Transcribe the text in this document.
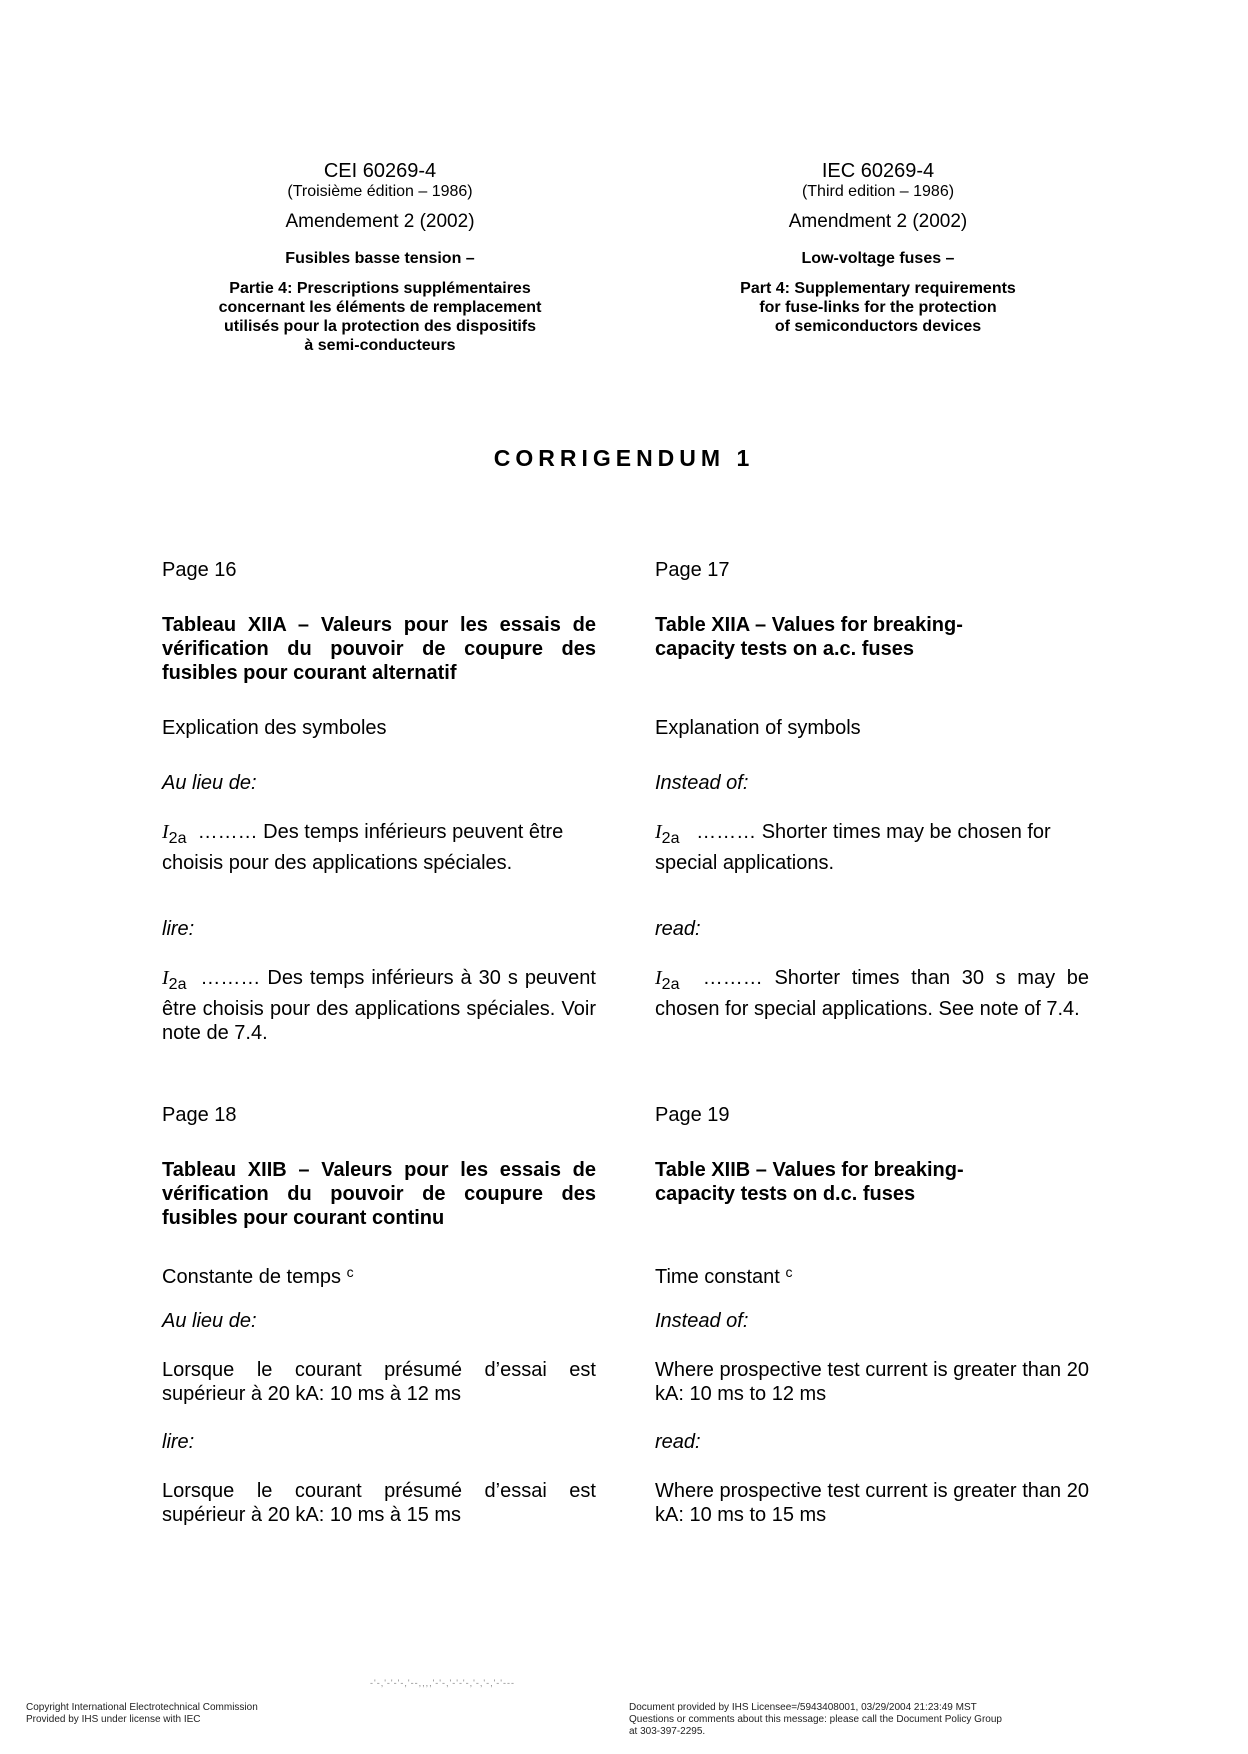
CEI 60269-4
(Troisième édition – 1986)
Amendement 2 (2002)
Fusibles basse tension –
Partie 4: Prescriptions supplémentaires
concernant les éléments de remplacement
utilisés pour la protection des dispositifs
à semi-conducteurs
IEC 60269-4
(Third edition – 1986)
Amendment 2 (2002)
Low-voltage fuses –
Part 4: Supplementary requirements
for fuse-links for the protection
of semiconductors devices
CORRIGENDUM 1
Page 16
Tableau XIIA – Valeurs pour les essais de vérification du pouvoir de coupure des fusibles pour courant alternatif
Explication des symboles
Au lieu de:
$I_{2a}$ ……… Des temps inférieurs peuvent être choisis pour des applications spéciales.
lire:
$I_{2a}$ ……… Des temps inférieurs à 30 s peuvent être choisis pour des applications spéciales. Voir note de 7.4.
Page 17
Table XIIA – Values for breaking-capacity tests on a.c. fuses
Explanation of symbols
Instead of:
$I_{2a}$ ……… Shorter times may be chosen for special applications.
read:
$I_{2a}$ ……… Shorter times than 30 s may be chosen for special applications. See note of 7.4.
Page 18
Tableau XIIB – Valeurs pour les essais de vérification du pouvoir de coupure des fusibles pour courant continu
Constante de temps $^c$
Au lieu de:
Lorsque le courant présumé d’essai est supérieur à 20 kA: 10 ms à 12 ms
lire:
Lorsque le courant présumé d’essai est supérieur à 20 kA: 10 ms à 15 ms
Page 19
Table XIIB – Values for breaking-capacity tests on d.c. fuses
Time constant $^c$
Instead of:
Where prospective test current is greater than 20 kA: 10 ms to 12 ms
read:
Where prospective test current is greater than 20 kA: 10 ms to 15 ms
-'-,'-'-'-,'--,,,,'-'-,'-'-'-,'-,'-,'-'---
Copyright International Electrotechnical Commission
Provided by IHS under license with IEC
Document provided by IHS Licensee=/5943408001, 03/29/2004 21:23:49 MST
Questions or comments about this message: please call the Document Policy Group
at 303-397-2295.
